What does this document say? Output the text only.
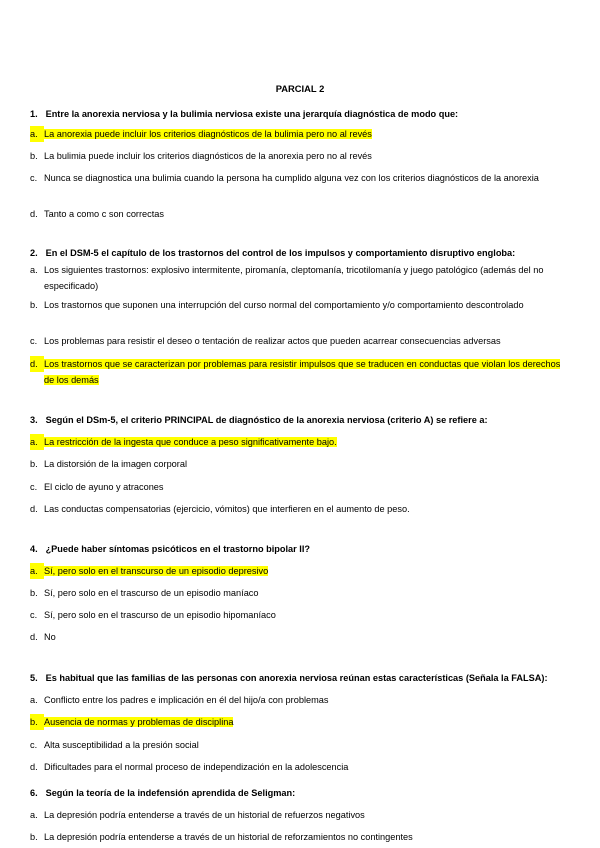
PARCIAL 2
1. Entre la anorexia nerviosa y la bulimia nerviosa existe una jerarquía diagnóstica de modo que:
a. La anorexia puede incluir los criterios diagnósticos de la bulimia pero no al revés
b. La bulimia puede incluir los criterios diagnósticos de la anorexia pero no al revés
c. Nunca se diagnostica una bulimia cuando la persona ha cumplido alguna vez con los criterios diagnósticos de la anorexia
d. Tanto a como c son correctas
2. En el DSM-5 el capítulo de los trastornos del control de los impulsos y comportamiento disruptivo engloba:
a. Los siguientes trastornos: explosivo intermitente, piromanía, cleptomanía, tricotilomanía y juego patológico (además del no especificado)
b. Los trastornos que suponen una interrupción del curso normal del comportamiento y/o comportamiento descontrolado
c. Los problemas para resistir el deseo o tentación de realizar actos que pueden acarrear consecuencias adversas
d. Los trastornos que se caracterizan por problemas para resistir impulsos que se traducen en conductas que violan los derechos de los demás
3. Según el DSm-5, el criterio PRINCIPAL de diagnóstico de la anorexia nerviosa (criterio A) se refiere a:
a. La restricción de la ingesta que conduce a peso significativamente bajo.
b. La distorsión de la imagen corporal
c. El ciclo de ayuno y atracones
d. Las conductas compensatorias (ejercicio, vómitos) que interfieren en el aumento de peso.
4. ¿Puede haber síntomas psicóticos en el trastorno bipolar II?
a. Sí, pero solo en el transcurso de un episodio depresivo
b. Sí, pero solo en el trascurso de un episodio maníaco
c. Sí, pero solo en el trascurso de un episodio hipomaníaco
d. No
5. Es habitual que las familias de las personas con anorexia nerviosa reúnan estas características (Señala la FALSA):
a. Conflicto entre los padres e implicación en él del hijo/a con problemas
b. Ausencia de normas y problemas de disciplina
c. Alta susceptibilidad a la presión social
d. Dificultades para el normal proceso de independización en la adolescencia
6. Según la teoría de la indefensión aprendida de Seligman:
a. La depresión podría entenderse a través de un historial de refuerzos negativos
b. La depresión podría entenderse a través de un historial de reforzamientos no contingentes
